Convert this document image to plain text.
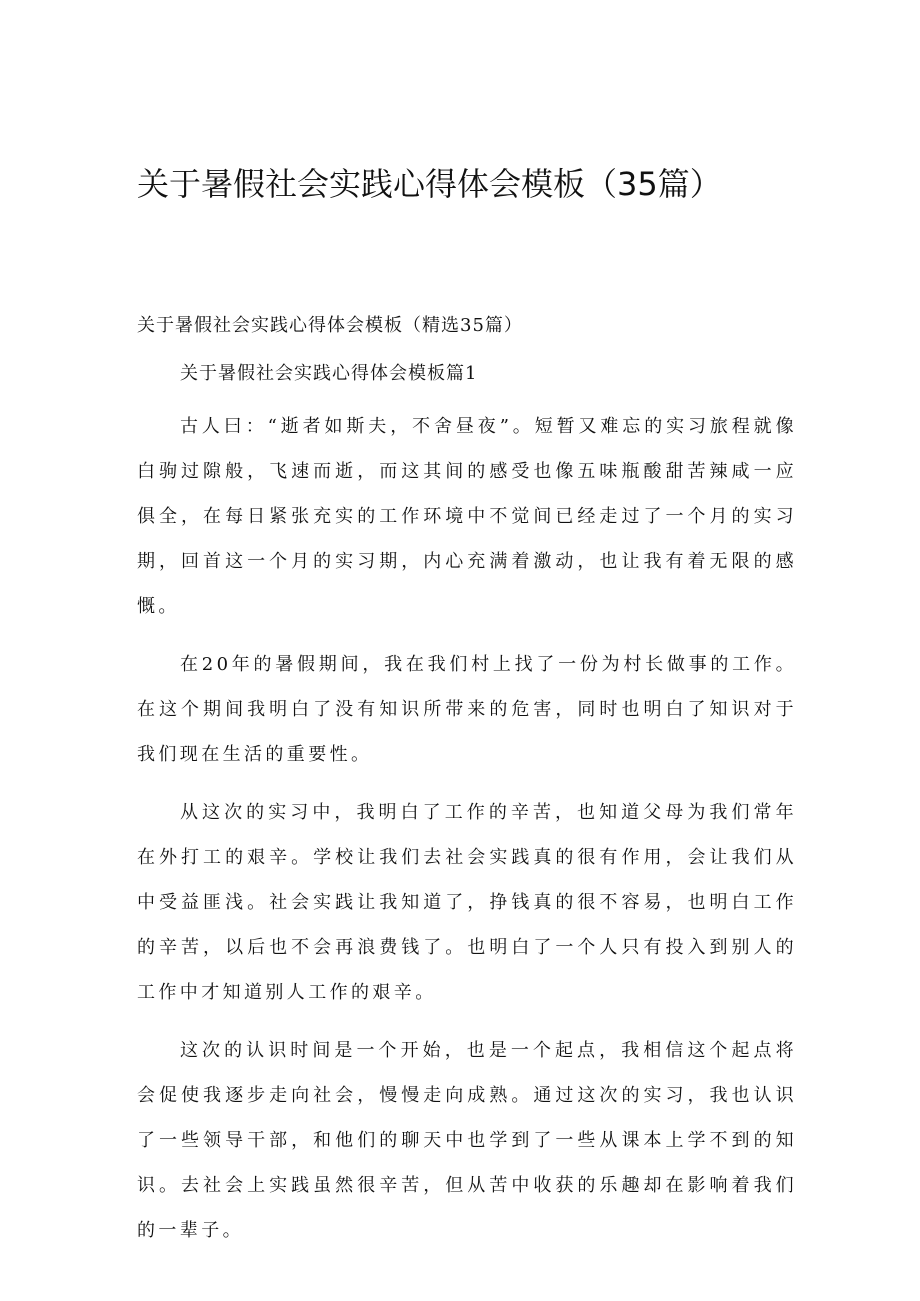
关于暑假社会实践心得体会模板（35篇）

关于暑假社会实践心得体会模板（精选35篇）

关于暑假社会实践心得体会模板篇1

古人曰：“逝者如斯夫，不舍昼夜”。短暂又难忘的实习旅程就像白驹过隙般，飞速而逝，而这其间的感受也像五味瓶酸甜苦辣咸一应俱全，在每日紧张充实的工作环境中不觉间已经走过了一个月的实习期，回首这一个月的实习期，内心充满着激动，也让我有着无限的感慨。

在20年的暑假期间，我在我们村上找了一份为村长做事的工作。在这个期间我明白了没有知识所带来的危害，同时也明白了知识对于我们现在生活的重要性。

从这次的实习中，我明白了工作的辛苦，也知道父母为我们常年在外打工的艰辛。学校让我们去社会实践真的很有作用，会让我们从中受益匪浅。社会实践让我知道了，挣钱真的很不容易，也明白工作的辛苦，以后也不会再浪费钱了。也明白了一个人只有投入到别人的工作中才知道别人工作的艰辛。

这次的认识时间是一个开始，也是一个起点，我相信这个起点将会促使我逐步走向社会，慢慢走向成熟。通过这次的实习，我也认识了一些领导干部，和他们的聊天中也学到了一些从课本上学不到的知识。去社会上实践虽然很辛苦，但从苦中收获的乐趣却在影响着我们的一辈子。
